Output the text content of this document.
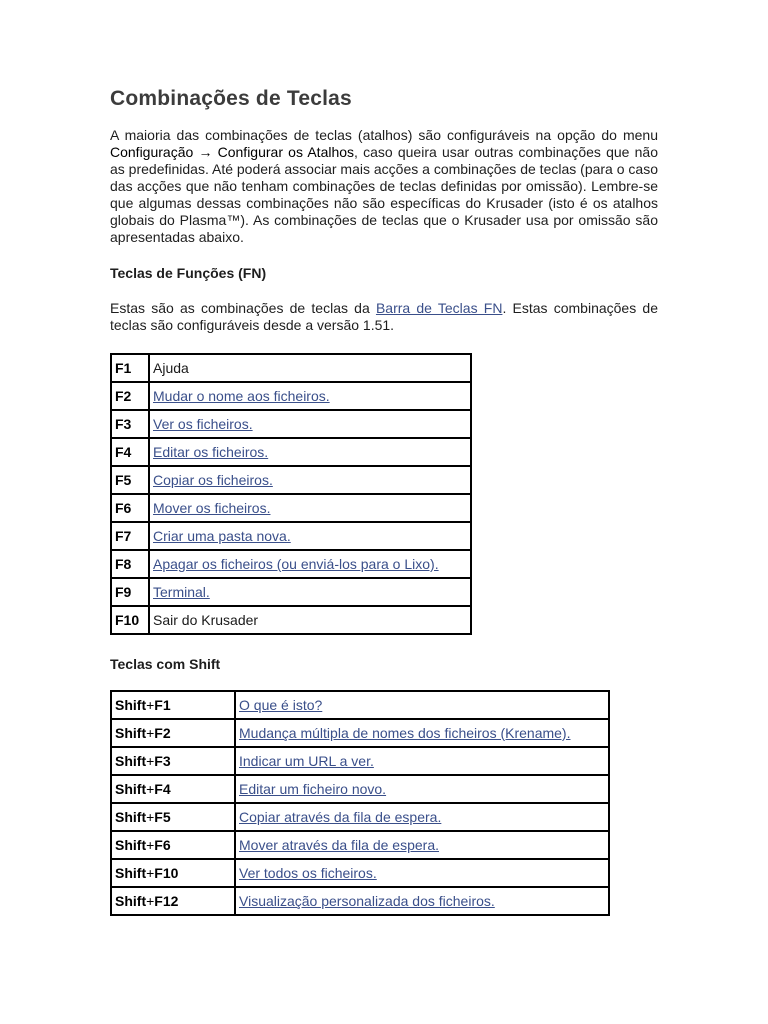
Combinações de Teclas

A maioria das combinações de teclas (atalhos) são configuráveis na opção do menu Configuração → Configurar os Atalhos, caso queira usar outras combinações que não as predefinidas. Até poderá associar mais acções a combinações de teclas (para o caso das acções que não tenham combinações de teclas definidas por omissão). Lembre-se que algumas dessas combinações não são específicas do Krusader (isto é os atalhos globais do Plasma™). As combinações de teclas que o Krusader usa por omissão são apresentadas abaixo.

Teclas de Funções (FN)

Estas são as combinações de teclas da Barra de Teclas FN. Estas combinações de teclas são configuráveis desde a versão 1.51.

F1	Ajuda
F2	Mudar o nome aos ficheiros.
F3	Ver os ficheiros.
F4	Editar os ficheiros.
F5	Copiar os ficheiros.
F6	Mover os ficheiros.
F7	Criar uma pasta nova.
F8	Apagar os ficheiros (ou enviá-los para o Lixo).
F9	Terminal.
F10	Sair do Krusader
Teclas com Shift
Shift+F1	O que é isto?
Shift+F2	Mudança múltipla de nomes dos ficheiros (Krename).
Shift+F3	Indicar um URL a ver.
Shift+F4	Editar um ficheiro novo.
Shift+F5	Copiar através da fila de espera.
Shift+F6	Mover através da fila de espera.
Shift+F10	Ver todos os ficheiros.
Shift+F12	Visualização personalizada dos ficheiros.
